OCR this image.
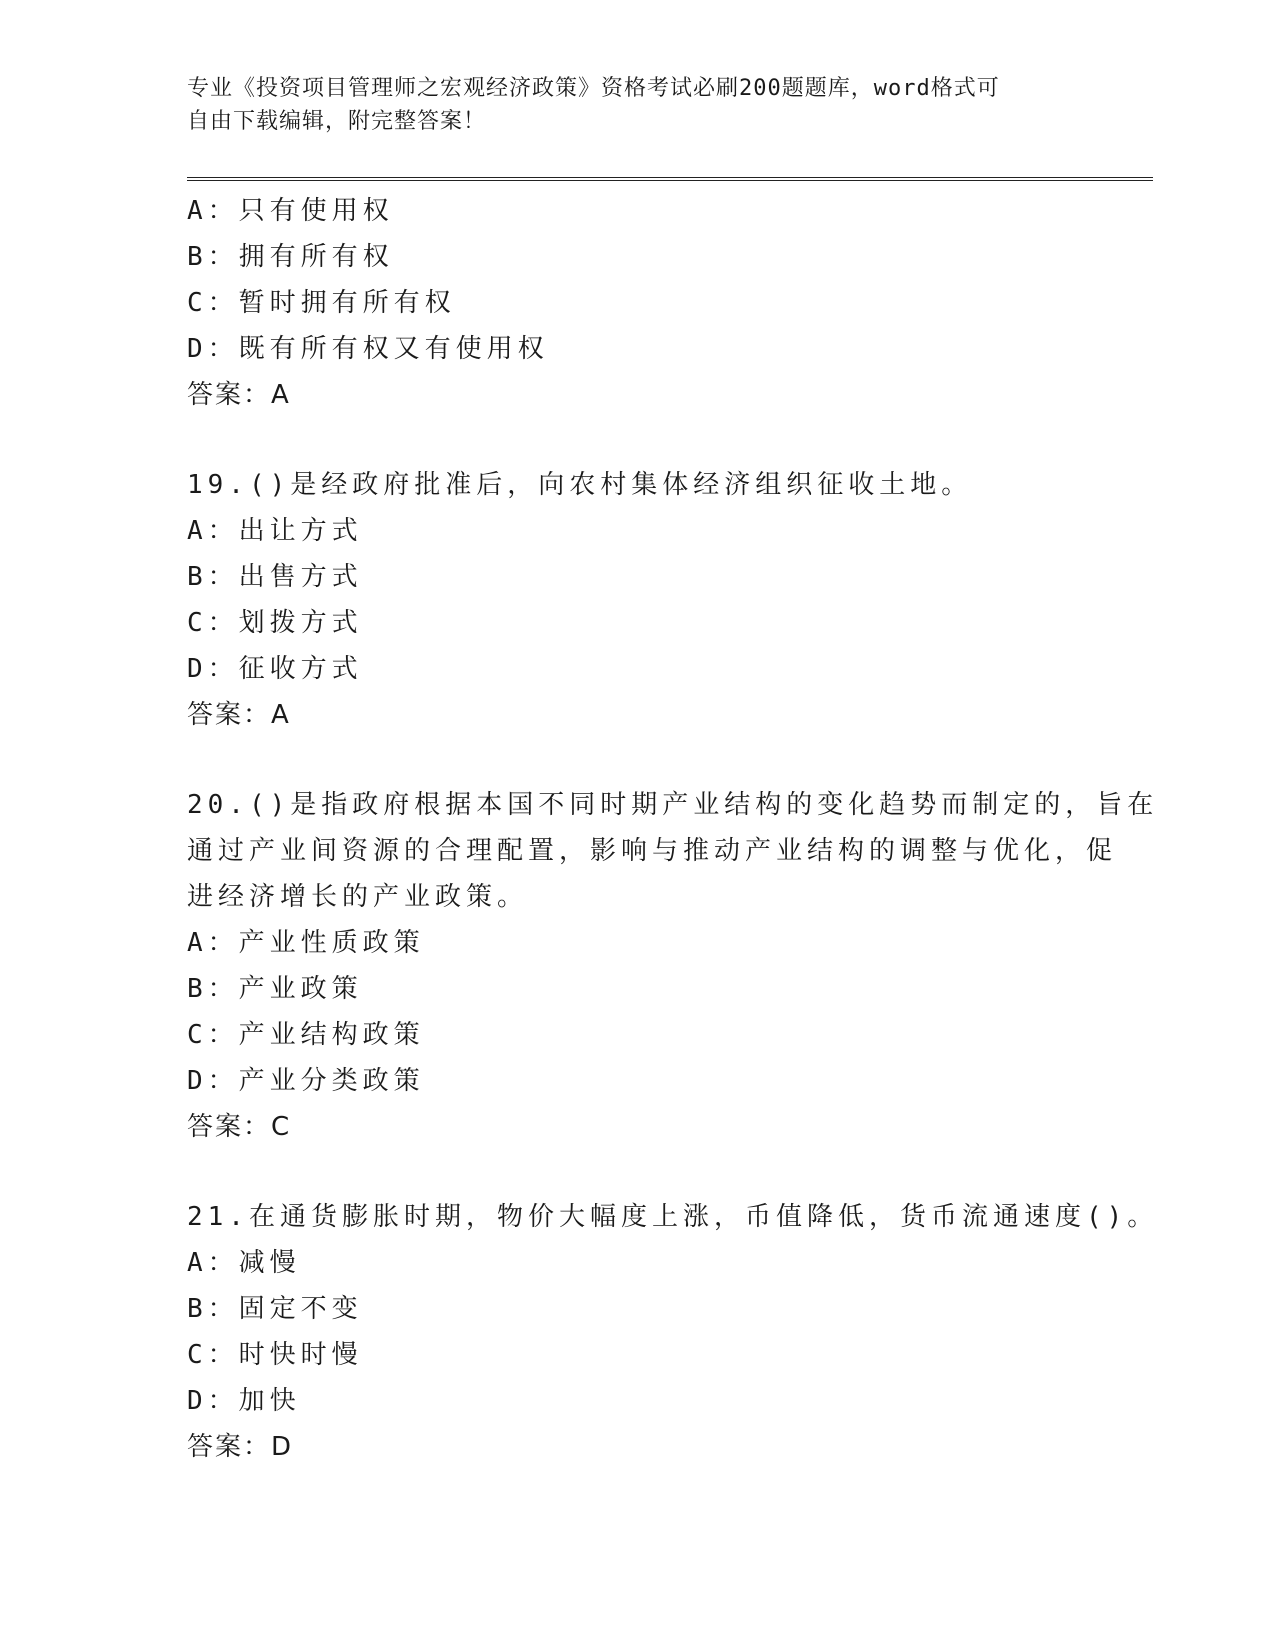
专业《投资项目管理师之宏观经济政策》资格考试必刷200题题库，word格式可
自由下载编辑，附完整答案！
A：只有使用权
B：拥有所有权
C：暂时拥有所有权
D：既有所有权又有使用权
答案：A
19.()是经政府批准后，向农村集体经济组织征收土地。
A：出让方式
B：出售方式
C：划拨方式
D：征收方式
答案：A
20.()是指政府根据本国不同时期产业结构的变化趋势而制定的，旨在
通过产业间资源的合理配置，影响与推动产业结构的调整与优化，促
进经济增长的产业政策。
A：产业性质政策
B：产业政策
C：产业结构政策
D：产业分类政策
答案：C
21.在通货膨胀时期，物价大幅度上涨，币值降低，货币流通速度()。
A：减慢
B：固定不变
C：时快时慢
D：加快
答案：D
